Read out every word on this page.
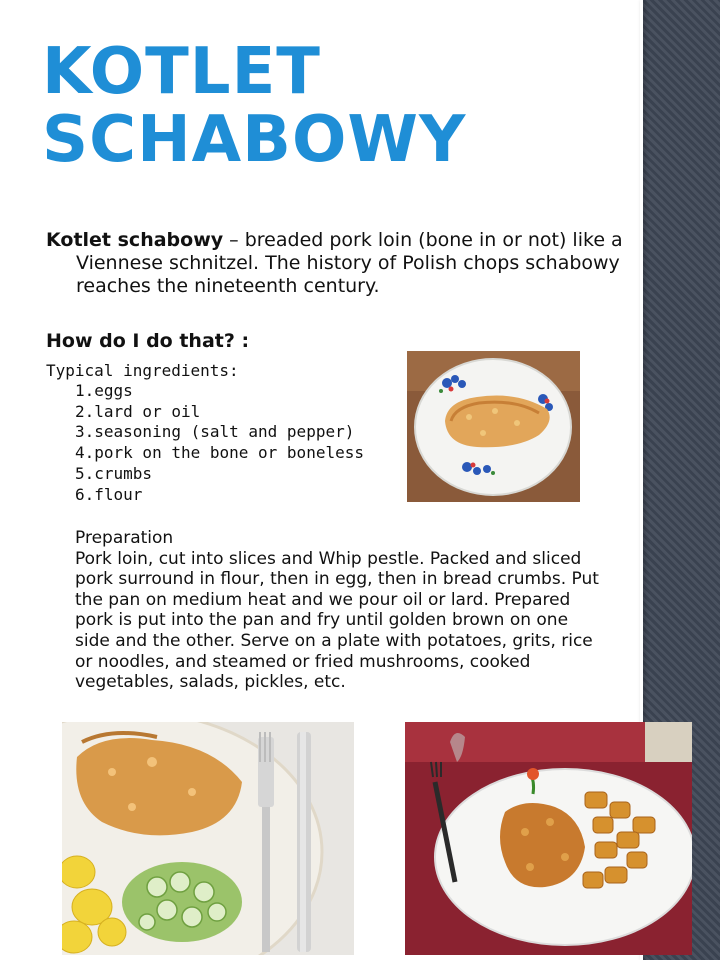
KOTLET
SCHABOWY

Kotlet schabowy – breaded pork loin (bone in or not) like a Viennese schnitzel. The history of Polish chops schabowy reaches the nineteenth century.

How do I do that? :

Typical ingredients:
1.eggs
2.lard or oil
3.seasoning (salt and pepper)
4.pork on the bone or boneless
5.crumbs
6.flour
Preparation

Pork loin, cut into slices and Whip pestle. Packed and sliced pork surround in flour, then in egg, then in bread crumbs. Put the pan on medium heat and we pour oil or lard. Prepared pork is put into the pan and fry until golden brown on one side and the other. Serve on a plate with potatoes, grits, rice or noodles, and steamed or fried mushrooms, cooked vegetables, salads, pickles, etc.
